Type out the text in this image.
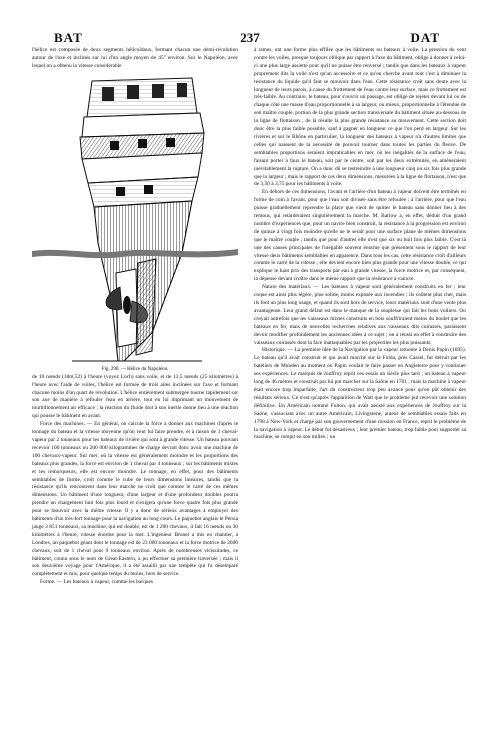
BAT	237	DAT

l'hélice est composée de deux segments hélicoïdaux, formant chacun une demi-révolution autour de l'axe et inclinés sur lui d'un angle moyen de 45° environ. Sur le Napoléon, avec lequel on a obtenu la vitesse considérable

Fig. 290. — Hélice du Napoléon.

de 10 nœuds (18m,52) à l'heure (voyez Loch) sans voile, et de 13,5 nœuds (25 kilomètres) à l'heure avec l'aide de voiles, l'hélice est formée de trois ailes inclinées sur l'axe et formant chacune moins d'un quart de révolution. L'hélice entièrement submergée tourne rapidement sur son axe de manière à refouler l'eau en arrière, tout en lui imprimant un mouvement de tourbillonnement air efficace ; la réaction du fluide doit à son inertie donne lieu à une réaction qui pousse le bâtiment en avant.

Force des machines. — En général, on calcule la force à donner aux machines d'après le tonnage du bateau et la vitesse moyenne qu'on veut lui faire prendre, et à raison de 1 cheval-vapeur par 2 tonneaux pour les bateaux de rivière qui sont à grande vitesse. Un bateau pouvant recevoir 100 tonneaux ou 200 000 kilogrammes de charge devrait donc avoir une machine de 100 chevaux-vapeur. Sur mer, où la vitesse est généralement moindre et les proportions des bateaux plus grandes, la force est environ de 1 cheval par 4 tonneaux ; sur les bâtiments mixtes et les remorqueurs, elle est encore moindre. Le tonnage, en effet, pour des bâtiments semblables de forme, croît comme le cube de leurs dimensions linéaires, tandis que la résistance qu'ils rencontrent dans leur marche ne croît que comme le carré de ces mêmes dimensions. Un bâtiment d'une longueur, d'une largeur et d'une profondeur doubles pourra prendre un chargement huit fois plus lourd et n'exigera qu'une force quatre fois plus grande pour se mouvoir avec la même vitesse. Il y a donc de sérieux avantages à employer des bâtiments d'un très-fort tonnage pour la navigation au long cours. Le paquebot anglais le Persia jauge 3 851 tonneaux, sa machine, qui est double, est de 1 200 chevaux, il fait 16 nœuds ou 30 kilomètres à l'heure, vitesse énorme pour la mer. L'ingénieur Brunel a mis en chantier, à Londres, un paquebot géant dont le tonnage est de 23 000 tonneaux et la force motrice de 2600 chevaux, soit de 1 cheval pour 9 tonneaux environ. Après de nombreuses vicissitudes, ce bâtiment, connu sous le nom de Great-Eastern, a pu effectuer sa première traversée ; mais il son deuxième voyage pour l'Amérique, il a été assailli par une tempête qui l'a désemparé complètement et mis, pour quelque temps du moins, hors de service.

Forme. — Les bateaux à vapeur, comme les barques

à rames, ont une forme plus effilée que les bâtiments ou bateaux à voile. La pression du vent contre les voiles, presque toujours oblique par rapport à l'axe du bâtiment, oblige à donner à celui-ci une plus large assiette pour qu'il ne puisse être renversé ; tandis que dans les bateaux à vapeur proprement dits la voile n'est qu'un accessoire et ce qu'on cherche avant tout c'est à diminuer la résistance du liquide qu'il faut se mouvoir dans l'eau. Cette résistance croît sans doute avec la longueur de leurs parois, à cause du frottement de l'eau contre leur surface, mais ce frottement est très-faible. Au contraire, le bateau, pour s'ouvrir un passage, est obligé de rejeter devant lui ou de chaque côté une masse d'eau proportionnelle à sa largeur, ou mieux, proportionnelle à l'étendue de son maître couple, portion de la plus grande section transversale du bâtiment située au-dessous de la ligne de flottaison ; de là résulte la plus grande résistance au mouvement. Cette section doit donc être la plus faible possible, sauf à gagner en longueur ce que l'on perd en largeur. Sur les rivières et sur le Rhône en particulier, la longueur des bateaux à vapeur n'a d'autres limites que celles qui naissent de la nécessité de pouvoir tourner dans toutes les parties du fleuve. De semblables proportions seraient impraticables en mer, où les inégalités de la surface de l'eau, faisant porter à faux le bateau, soit par le centre, soit par les deux extrémités, en amèneraient inévitablement la rupture. On a donc dû se restreindre à une longueur cinq ou six fois plus grande que la largeur ; mais le rapport de ces deux dimensions, mesurées à la ligne de flottaison, n'est que de 3,50 à 3,75 pour les bâtiments à voile.

En dehors de ces dimensions, l'avant et l'arrière d'un bateau à vapeur doivent être terminés en forme de coin à l'avant, pour que l'eau soit divisée sans être refoulée ; à l'arrière, pour que l'eau puisse graduellement reprendre la place que vient de quitter le bateau sans donner lieu à des remous, qui retarderaient singulièrement la marche. M. Barlow a, en effet, déduit d'un grand nombre d'expériences que, pour un navire bien construit, la résistance à la progression est environ de quinze à vingt fois moindre qu'elle ne le serait pour une surface plane de mêmes dimensions que le maître couple ; tandis que pour d'autres elle n'est que six ou huit fois plus faible. C'est là une des causes principales de l'inégalité souvent énorme que présentent sous le rapport de leur vitesse deux bâtiments semblables en apparence. Dans tous les cas, cette résistance croît d'ailleurs comme le carré de la vitesse ; elle devient encore bien plus grande pour une vitesse double, ce qui explique le haut prix des transports par eau à grande vitesse, la force motrice et, par conséquent, la dépense devant croître dans le même rapport que la résistance à vaincre.

Nature des matériaux. — Les bateaux à vapeur sont généralement construits en fer ; leur coque est ainsi plus légère, plus solide, moins exposée aux incendies ; ils coûtent plus cher, mais ils font un plus long usage, et quand ils sont hors de service, leurs matériaux sont d'une vente plus avantageuse. Leur grand défaut est dans le manque de la souplesse qui fait les bons voiliers. On croyait autrefois que les vaisseaux mixtes construits en bois souffriraient moins du boulet que les bateaux en fer, mais de nouvelles recherches relatives aux vaisseaux dits cuirassés, paraissent devoir modifier profondément les anciennes idées à ce sujet ; on a réussi en effet à construire des vaisseaux cuirassés dont la face inattaquables par les projectiles les plus puissants.

Historique. — La première idée de la Navigation par la vapeur remonte à Denis Papin (1695). Le bateau qu'il avait construit et qui avait marché sur la Fulda, près Cassel, fut détruit par les bateliers de Munden au moment où Papin voulait le faire passer en Angleterre pour y continuer ses expériences. Le marquis de Jouffroy reprit ces essais un siècle plus tard ; un bateau à vapeur long de 46 mètres et construit par lui put marcher sur la Saône en 1781 ; mais la machine à vapeur était encore trop imparfaite, l'art du constructeur trop peu avancé pour qu'on pût obtenir des résultats sérieux. Ce n'est qu'après l'apparition de Watt que le problème put recevoir une solution définitive. Un Américain nommé Fulton, qui avait assisté aux expériences de Jouffroy sur la Saône, s'associant avec un autre Américain, Livingstone, auteur de semblables essais faits en 1798 à New-York et chargé par son gouvernement d'une mission en France, reprit le problème de la navigation à vapeur. Le début fut désastreux ; leur premier bateau, trop faible pour supporter sa machine, se rompit en son milieu ; un
